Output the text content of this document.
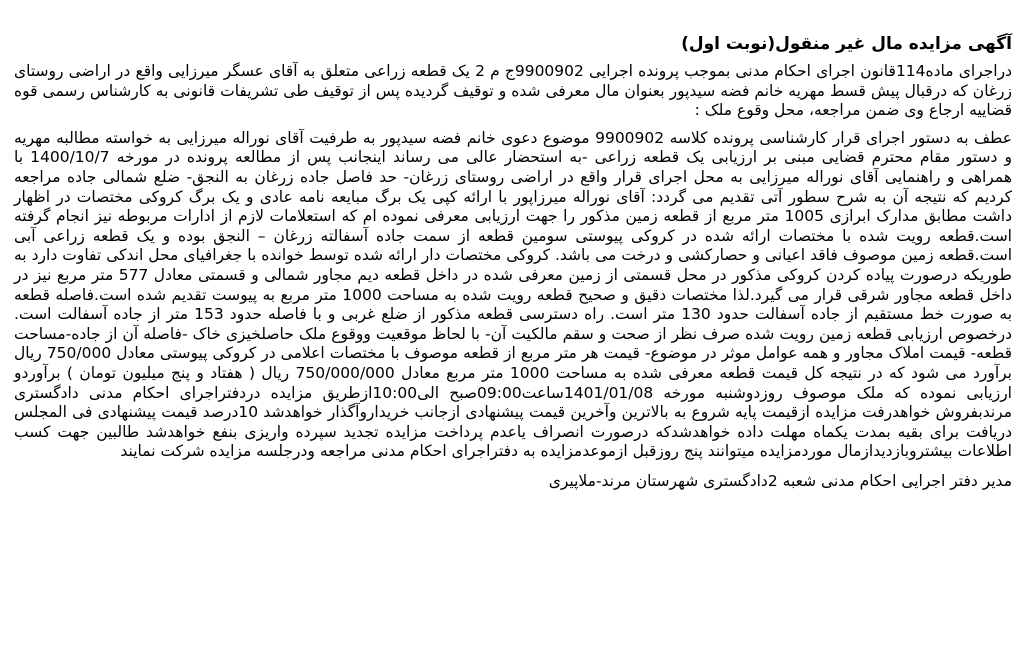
آگهی مزایده مال غیر منقول(نوبت اول)

دراجرای ماده114قانون اجرای احکام مدنی بموجب پرونده اجرایی 9900902ج م 2 یک قطعه زراعی متعلق به آقای عسگر میرزایی واقع در اراضی روستای زرغان که درقبال پیش قسط مهریه خانم فضه سیدپور بعنوان مال معرفی شده و توقیف گردیده پس از توقیف طی تشریفات قانونی به کارشناس رسمی قوه قضاییه ارجاع وی ضمن مراجعه، محل وقوع ملک :

عطف به دستور اجرای قرار کارشناسی پرونده کلاسه 9900902 موضوع دعوی خانم فضه سیدپور به طرفیت آقای نوراله میرزایی به خواسته مطالبه مهریه و دستور مقام محترم قضایی مبنی بر ارزیابی یک قطعه زراعی -به استحضار عالی می رساند اینجانب پس از مطالعه پرونده در مورخه 1400/10/7 با همراهی و راهنمایی آقای نوراله میرزایی به محل اجرای قرار واقع در اراضی روستای زرغان- حد فاصل جاده زرغان به النجق- ضلع شمالی جاده مراجعه کردیم که نتیجه آن به شرح سطور آتی تقدیم می گردد: آقای نوراله میرزاپور با ارائه کپی یک برگ مبایعه نامه عادی و یک برگ کروکی مختصات در اظهار داشت مطابق مدارک ابرازی 1005 متر مربع از قطعه زمین مذکور را جهت ارزیابی معرفی نموده ام که استعلامات لازم از ادارات مربوطه نیز انجام گرفته است.قطعه رویت شده با مختصات ارائه شده در کروکی پیوستی سومین قطعه از سمت جاده آسفالته زرغان – النجق بوده و یک قطعه زراعی آبی است.قطعه زمین موصوف فاقد اعیانی و حصارکشی و درخت می باشد. کروکی مختصات دار ارائه شده توسط خوانده با جغرافیای محل اندکی تفاوت دارد به طوریکه درصورت پیاده کردن کروکی مذکور در محل قسمتی از زمین معرفی شده در داخل قطعه دیم مجاور شمالی و قسمتی معادل 577 متر مربع نیز در داخل قطعه مجاور شرقی قرار می گیرد.لذا مختصات دقیق و صحیح قطعه رویت شده به مساحت 1000 متر مربع به پیوست تقدیم شده است.فاصله قطعه به صورت خط مستقیم از جاده آسفالت حدود 130 متر است. راه دسترسی قطعه مذکور از ضلع غربی و با فاصله حدود 153 متر از جاده آسفالت است. درخصوص ارزیابی قطعه زمین رویت شده صرف نظر از صحت و سقم مالکیت آن- با لحاظ موقعیت ووقوع ملک حاصلخیزی خاک -فاصله آن از جاده-مساحت قطعه- قیمت املاک مجاور و همه عوامل موثر در موضوع- قیمت هر متر مربع از قطعه موصوف با مختصات اعلامی در کروکی پیوستی معادل 750/000 ریال برآورد می شود که در نتیجه کل قیمت قطعه معرفی شده به مساحت 1000 متر مربع معادل 750/000/000 ریال ( هفتاد و پنج میلیون تومان ) برآوردو ارزیابی نموده که ملک موصوف روزدوشنبه مورخه 1401/01/08ساعت09:00صبح الی10:00ازطریق مزایده دردفتراجرای احکام مدنی دادگستری مرندبفروش خواهدرفت مزایده ازقیمت پایه شروع به بالاترین وآخرین قیمت پیشنهادی ازجانب خریداروآگذار خواهدشد 10درصد قیمت پیشنهادی فی المجلس دریافت برای بقیه بمدت یکماه مهلت داده خواهدشدکه درصورت انصراف یاعدم پرداخت مزایده تجدید سپرده واریزی بنفع خواهدشد طالبین جهت کسب اطلاعات بیشتروبازدیدازمال موردمزایده میتوانند پنج روزقبل ازموعدمزایده به دفتراجرای احکام مدنی مراجعه ودرجلسه مزایده شرکت نمایند

مدیر دفتر اجرایی احکام مدنی شعبه 2دادگستری شهرستان مرند-ملاپیری
